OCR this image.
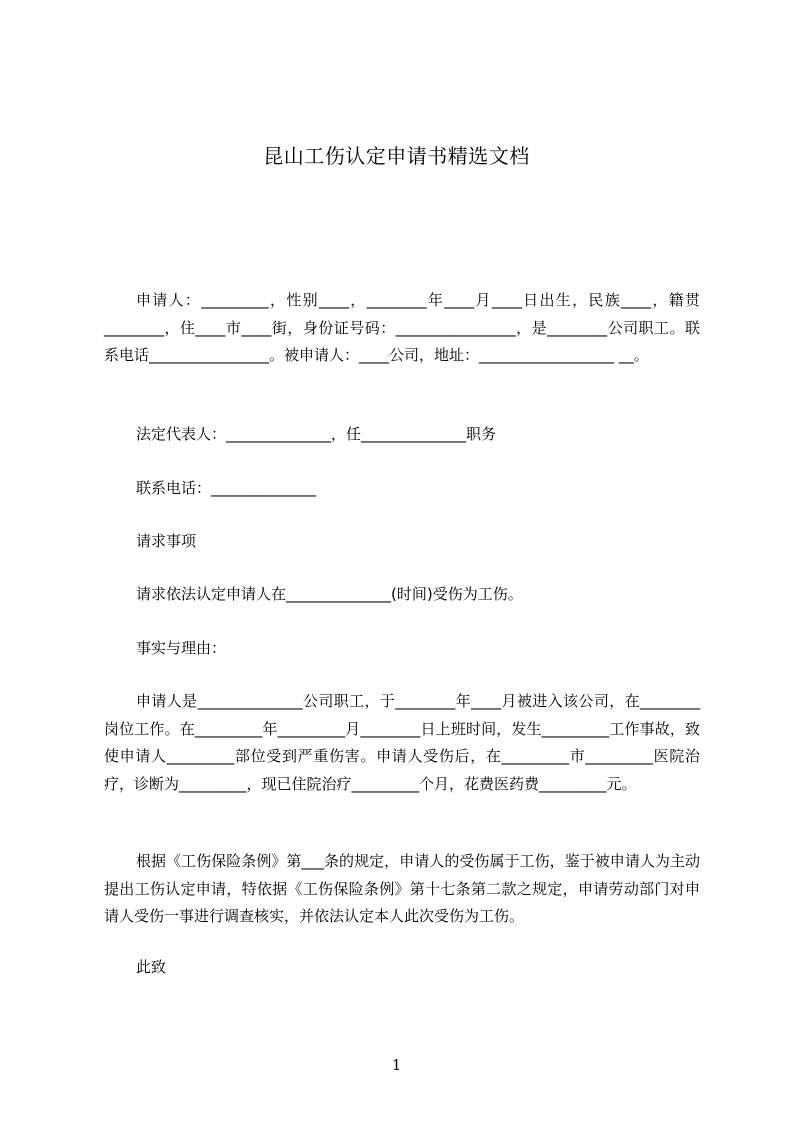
昆山工伤认定申请书精选文档
申请人：_________，性别____，________年____月____日出生，民族____，籍贯________，住____市____街，身份证号码：________________，是________公司职工。联系电话________________。被申请人：____公司，地址：__________________ __。
法定代表人：______________，任______________职务
联系电话：______________
请求事项
请求依法认定申请人在______________(时间)受伤为工伤。
事实与理由：
申请人是______________公司职工，于________年____月被进入该公司，在________岗位工作。在_________年_________月________日上班时间，发生_________工作事故，致使申请人_________部位受到严重伤害。申请人受伤后，在_________市_________医院治疗，诊断为_________，现已住院治疗_________个月，花费医药费_________元。
根据《工伤保险条例》第___条的规定，申请人的受伤属于工伤，鉴于被申请人为主动提出工伤认定申请，特依据《工伤保险条例》第十七条第二款之规定，申请劳动部门对申请人受伤一事进行调查核实，并依法认定本人此次受伤为工伤。
此致
1
